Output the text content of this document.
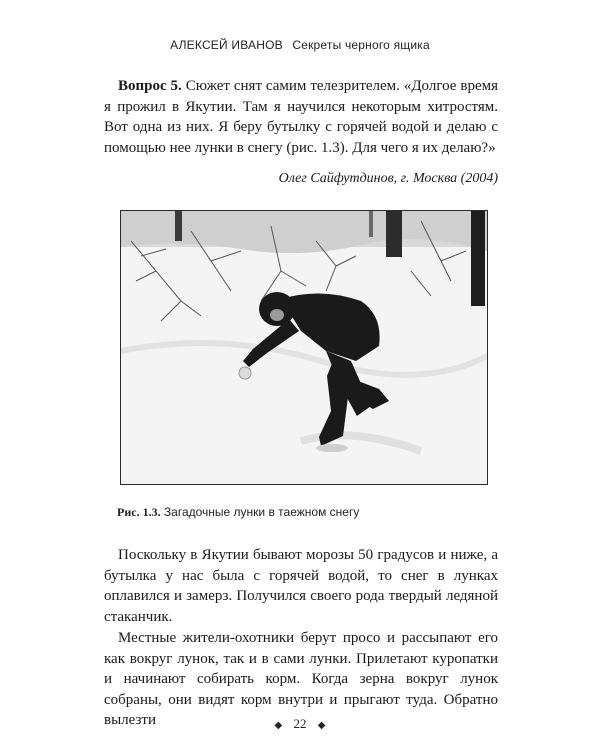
АЛЕКСЕЙ ИВАНОВ Секреты черного ящика
Вопрос 5. Сюжет снят самим телезрителем. «Долгое время я прожил в Якутии. Там я научился некоторым хитростям. Вот одна из них. Я беру бутылку с горячей водой и делаю с помощью нее лунки в снегу (рис. 1.3). Для чего я их делаю?»
Олег Сайфутдинов, г. Москва (2004)
Рис. 1.3. Загадочные лунки в таежном снегу
Поскольку в Якутии бывают морозы 50 градусов и ниже, а бутылка у нас была с горячей водой, то снег в лунках оплавился и замерз. Получился своего рода твердый ледяной стаканчик.
Местные жители-охотники берут просо и рассыпают его как вокруг лунок, так и в сами лунки. Прилетают куропатки и начинают собирать корм. Когда зерна вокруг лунок собраны, они видят корм внутри и прыгают туда. Обратно вылезти	◆ 22 ◆
